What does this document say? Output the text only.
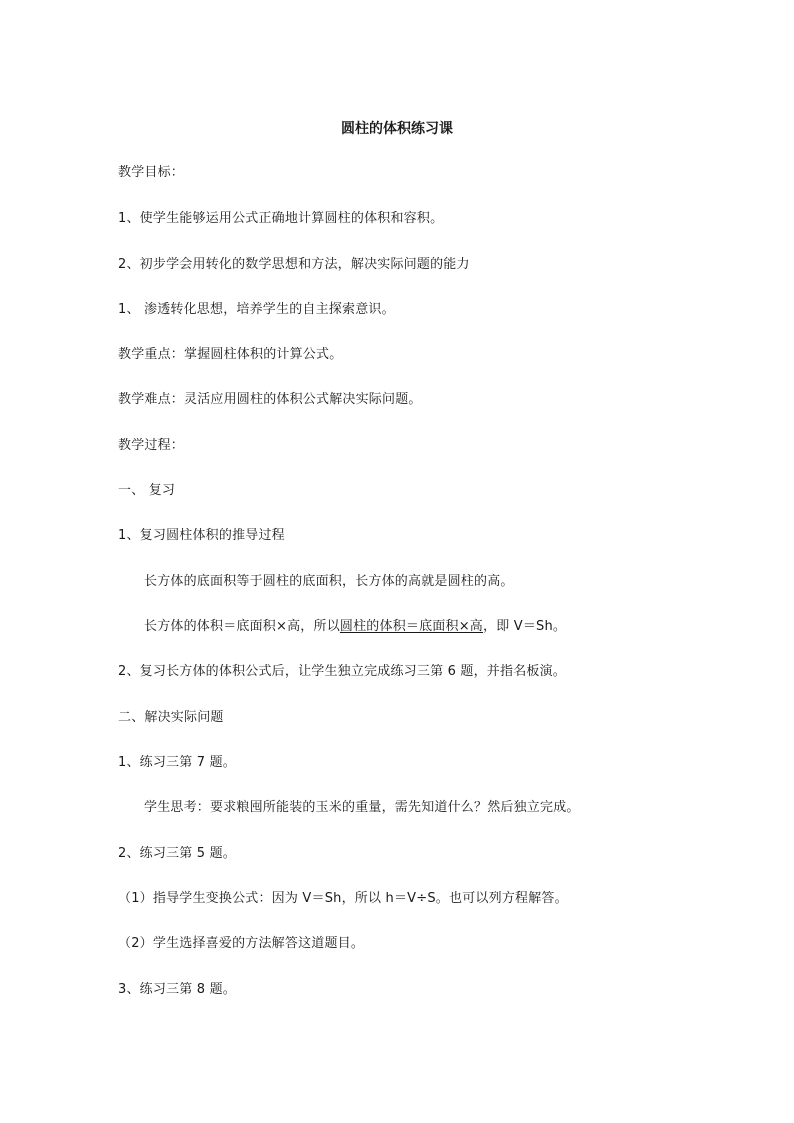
圆柱的体积练习课
教学目标：
1、使学生能够运用公式正确地计算圆柱的体积和容积。
2、初步学会用转化的数学思想和方法，解决实际问题的能力
1、 渗透转化思想，培养学生的自主探索意识。
教学重点：掌握圆柱体积的计算公式。
教学难点：灵活应用圆柱的体积公式解决实际问题。
教学过程：
一、 复习
1、复习圆柱体积的推导过程
长方体的底面积等于圆柱的底面积，长方体的高就是圆柱的高。
长方体的体积＝底面积×高，所以圆柱的体积＝底面积×高，即 V＝Sh。
2、复习长方体的体积公式后，让学生独立完成练习三第 6 题，并指名板演。
二、解决实际问题
1、练习三第 7 题。
学生思考：要求粮囤所能装的玉米的重量，需先知道什么？然后独立完成。
2、练习三第 5 题。
（1）指导学生变换公式：因为 V＝Sh，所以 h＝V÷S。也可以列方程解答。
（2）学生选择喜爱的方法解答这道题目。
3、练习三第 8 题。
